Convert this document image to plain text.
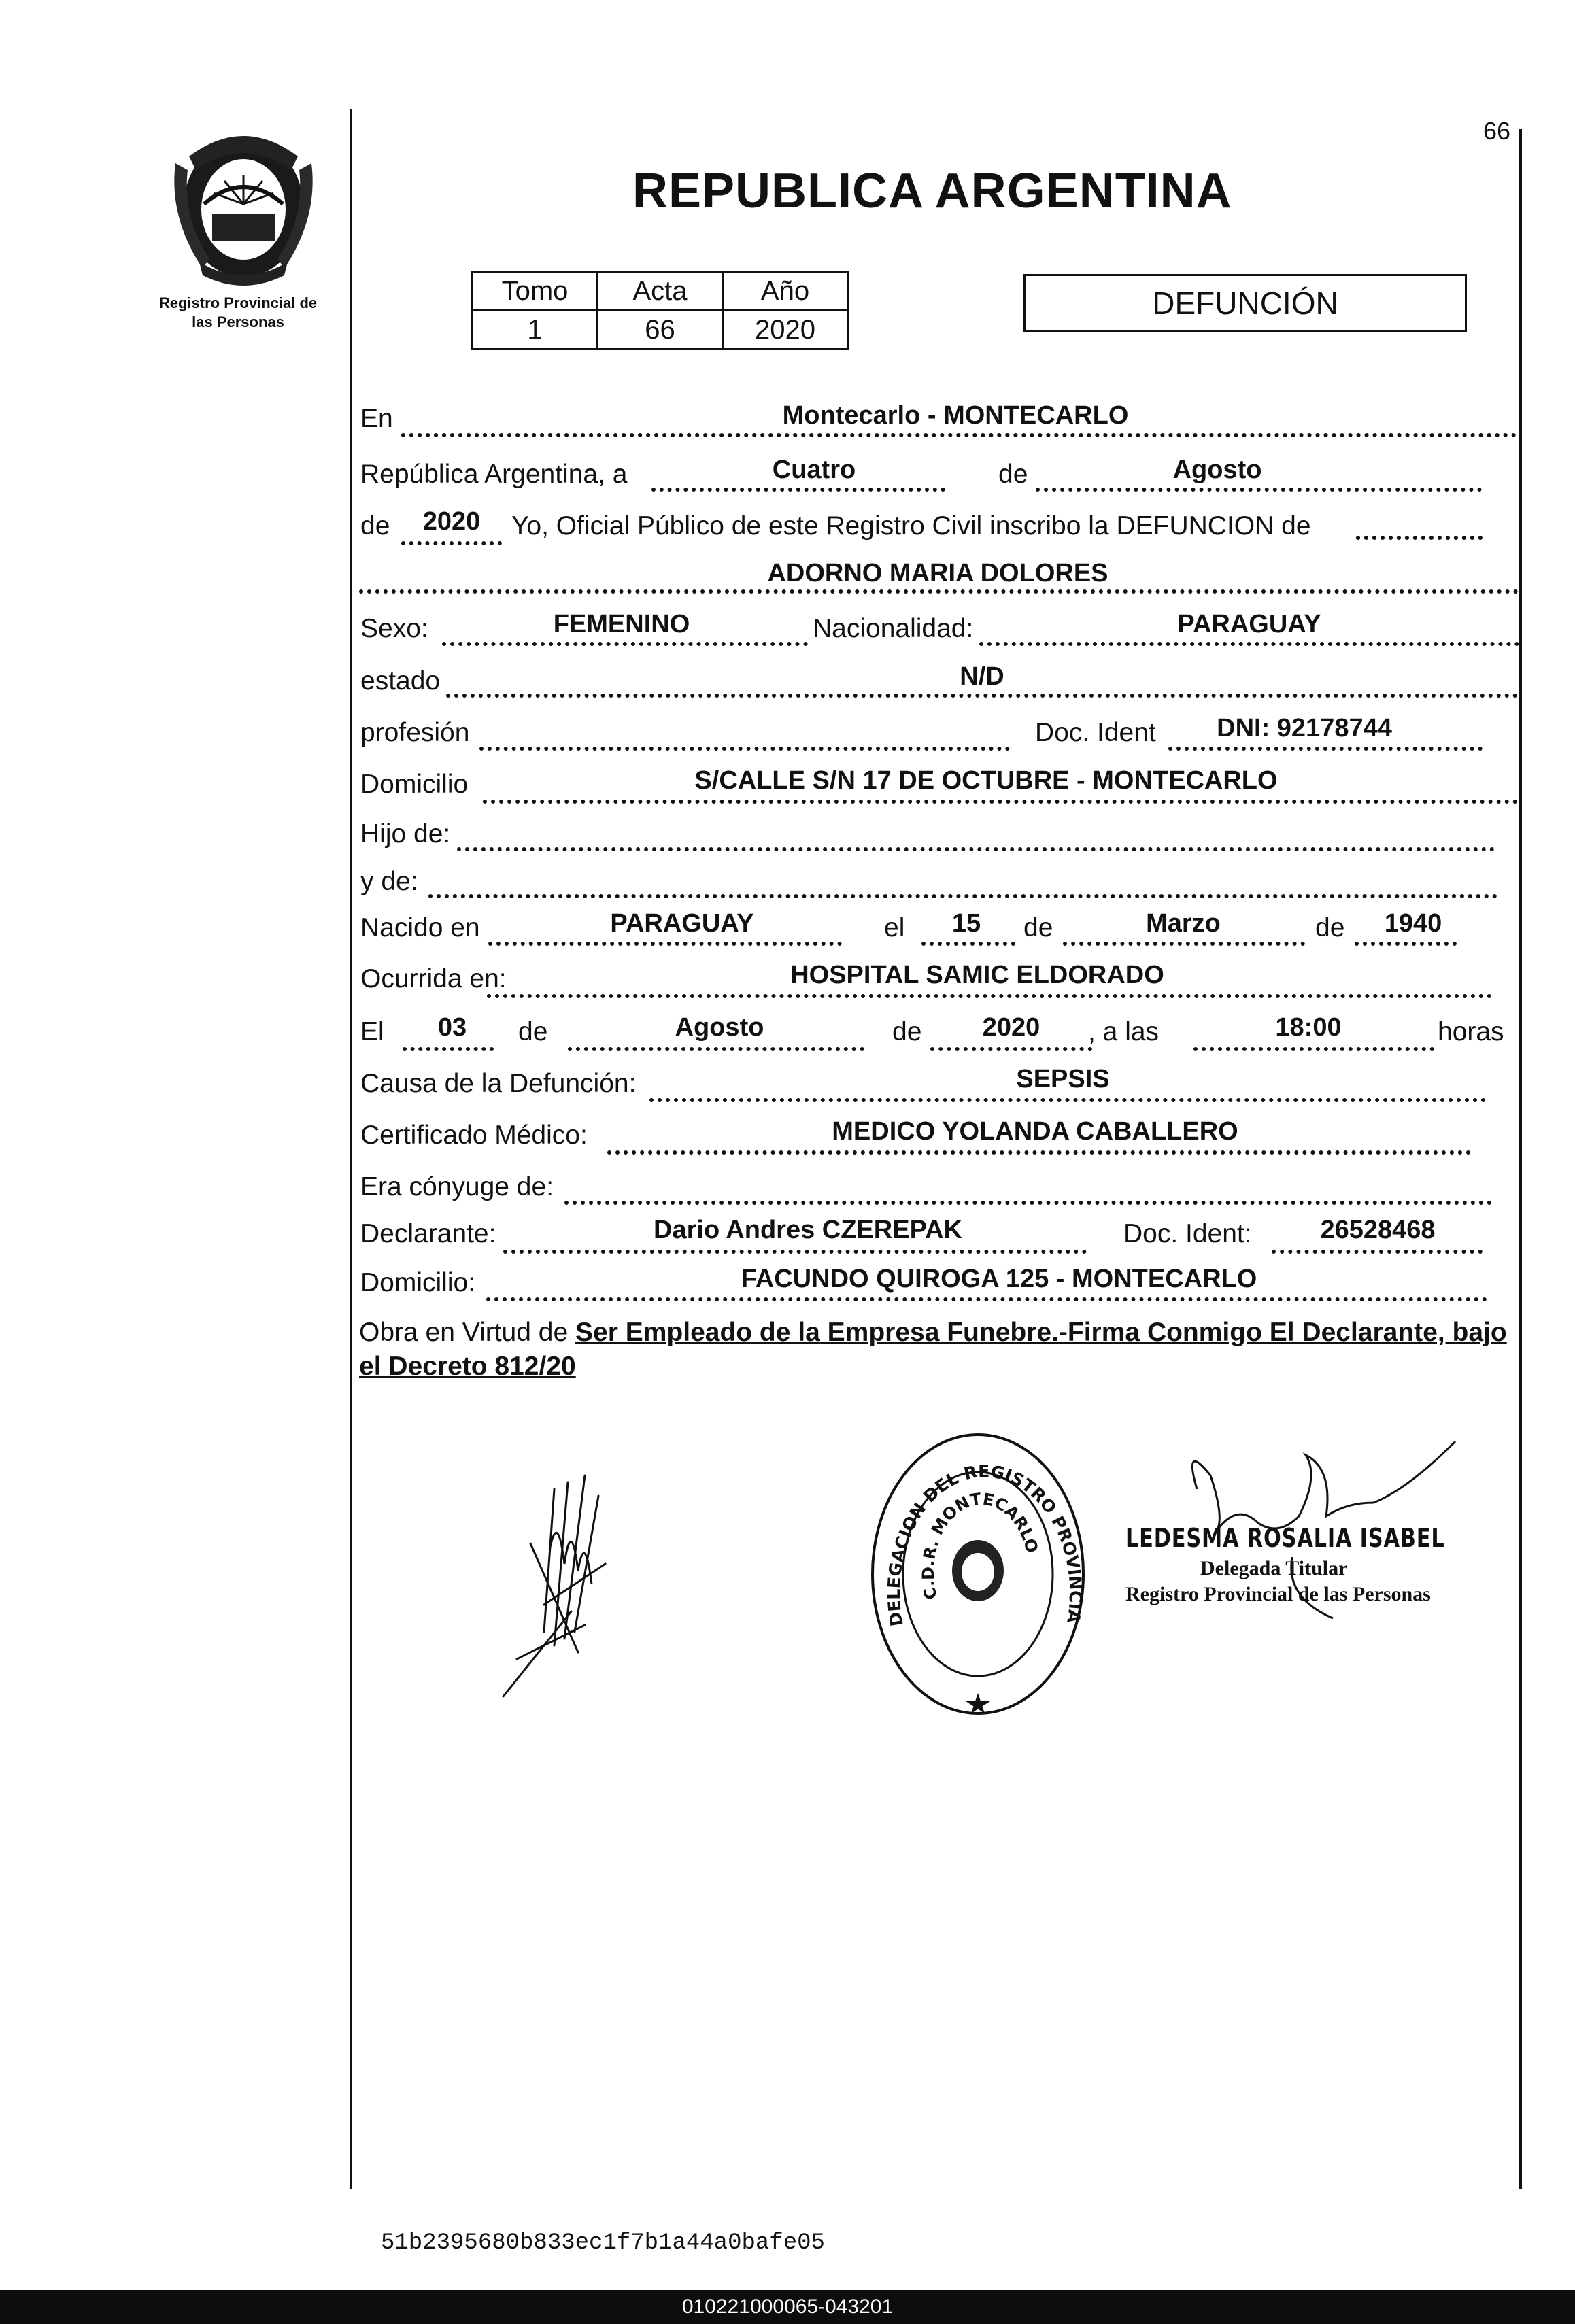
Registro Provincial de
las Personas
66
REPUBLICA ARGENTINA
Tomo	Acta	Año
1	66	2020
DEFUNCIÓN
En	Montecarlo - MONTECARLO
República Argentina, a	Cuatro	de	Agosto
de 2020 Yo, Oficial Público de este Registro Civil inscribo la DEFUNCION de
ADORNO MARIA DOLORES
Sexo:	FEMENINO	Nacionalidad:	PARAGUAY
estado	N/D
profesión	Doc. Ident DNI: 92178744
Domicilio	S/CALLE S/N 17 DE OCTUBRE - MONTECARLO
Hijo de:
y de:
Nacido en	PARAGUAY	el 15 de	Marzo	de 1940
Ocurrida en:	HOSPITAL SAMIC ELDORADO
El 03 de	Agosto	de 2020 , a las	18:00	horas
Causa de la Defunción:	SEPSIS
Certificado Médico:	MEDICO YOLANDA CABALLERO
Era cónyuge de:
Declarante:	Dario Andres CZEREPAK	Doc. Ident:	26528468
Domicilio:	FACUNDO QUIROGA 125 - MONTECARLO
Obra en Virtud de Ser Empleado de la Empresa Funebre.-Firma Conmigo El Declarante, bajo el Decreto 812/20
DELEGACION DEL REGISTRO PROVINCIA
C.D.R. MONTECARLO	LEDESMA ROSALIA ISABEL
Delegada Titular
Registro Provincial de las Personas
51b2395680b833ec1f7b1a44a0bafe05
010221000065-043201
